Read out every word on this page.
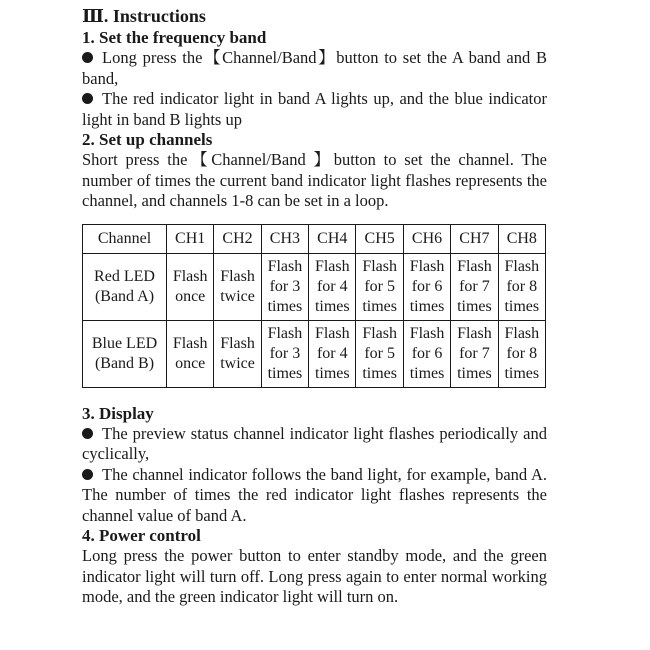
Ⅲ. Instructions

1. Set the frequency band

Long press the【Channel/Band】button to set the A band and B band,

The red indicator light in band A lights up, and the blue indicator light in band B lights up

2. Set up channels

Short press the【Channel/Band 】button to set the channel. The number of times the current band indicator light flashes represents the channel, and channels 1-8 can be set in a loop.

Channel	CH1	CH2	CH3	CH4	CH5	CH6	CH7	CH8
Red LED
(Band A)	Flash
once	Flash
twice	Flash
for 3
times	Flash
for 4
times	Flash
for 5
times	Flash
for 6
times	Flash
for 7
times	Flash
for 8
times
Blue LED
(Band B)	Flash
once	Flash
twice	Flash
for 3
times	Flash
for 4
times	Flash
for 5
times	Flash
for 6
times	Flash
for 7
times	Flash
for 8
times

3. Display

The preview status channel indicator light flashes periodically and cyclically,

The channel indicator follows the band light, for example, band A. The number of times the red indicator light flashes represents the channel value of band A.

4. Power control

Long press the power button to enter standby mode, and the green indicator light will turn off. Long press again to enter normal working mode, and the green indicator light will turn on.
